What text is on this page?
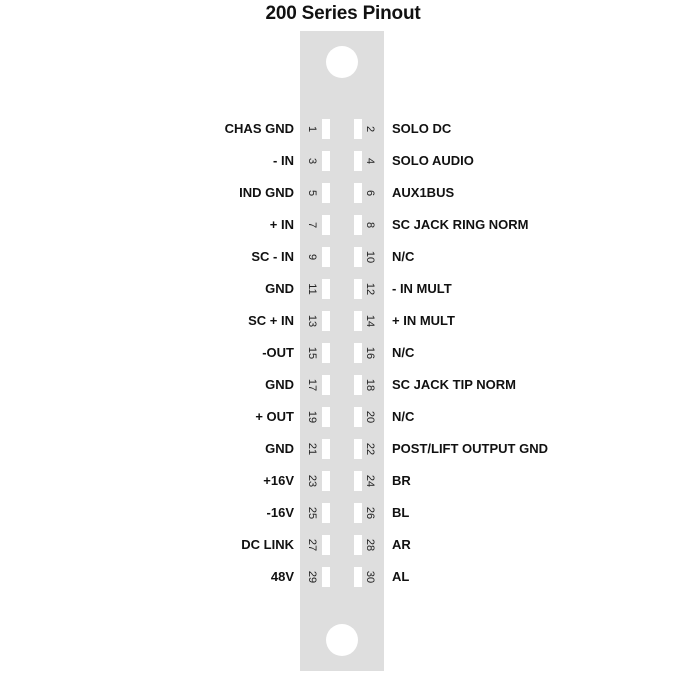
200 Series Pinout
CHAS GND 1	2 SOLO DC
- IN 3	4 SOLO AUDIO
IND GND 5	6 AUX1BUS
+ IN 7	8 SC JACK RING NORM
SC - IN 9	10 N/C
GND 11	12 - IN MULT
SC + IN 13	14 + IN MULT
-OUT 15	16 N/C
GND 17	18 SC JACK TIP NORM
+ OUT 19	20 N/C
GND 21	22 POST/LIFT OUTPUT GND
+16V 23	24 BR
-16V 25	26 BL
DC LINK 27	28 AR
48V 29	30 AL
